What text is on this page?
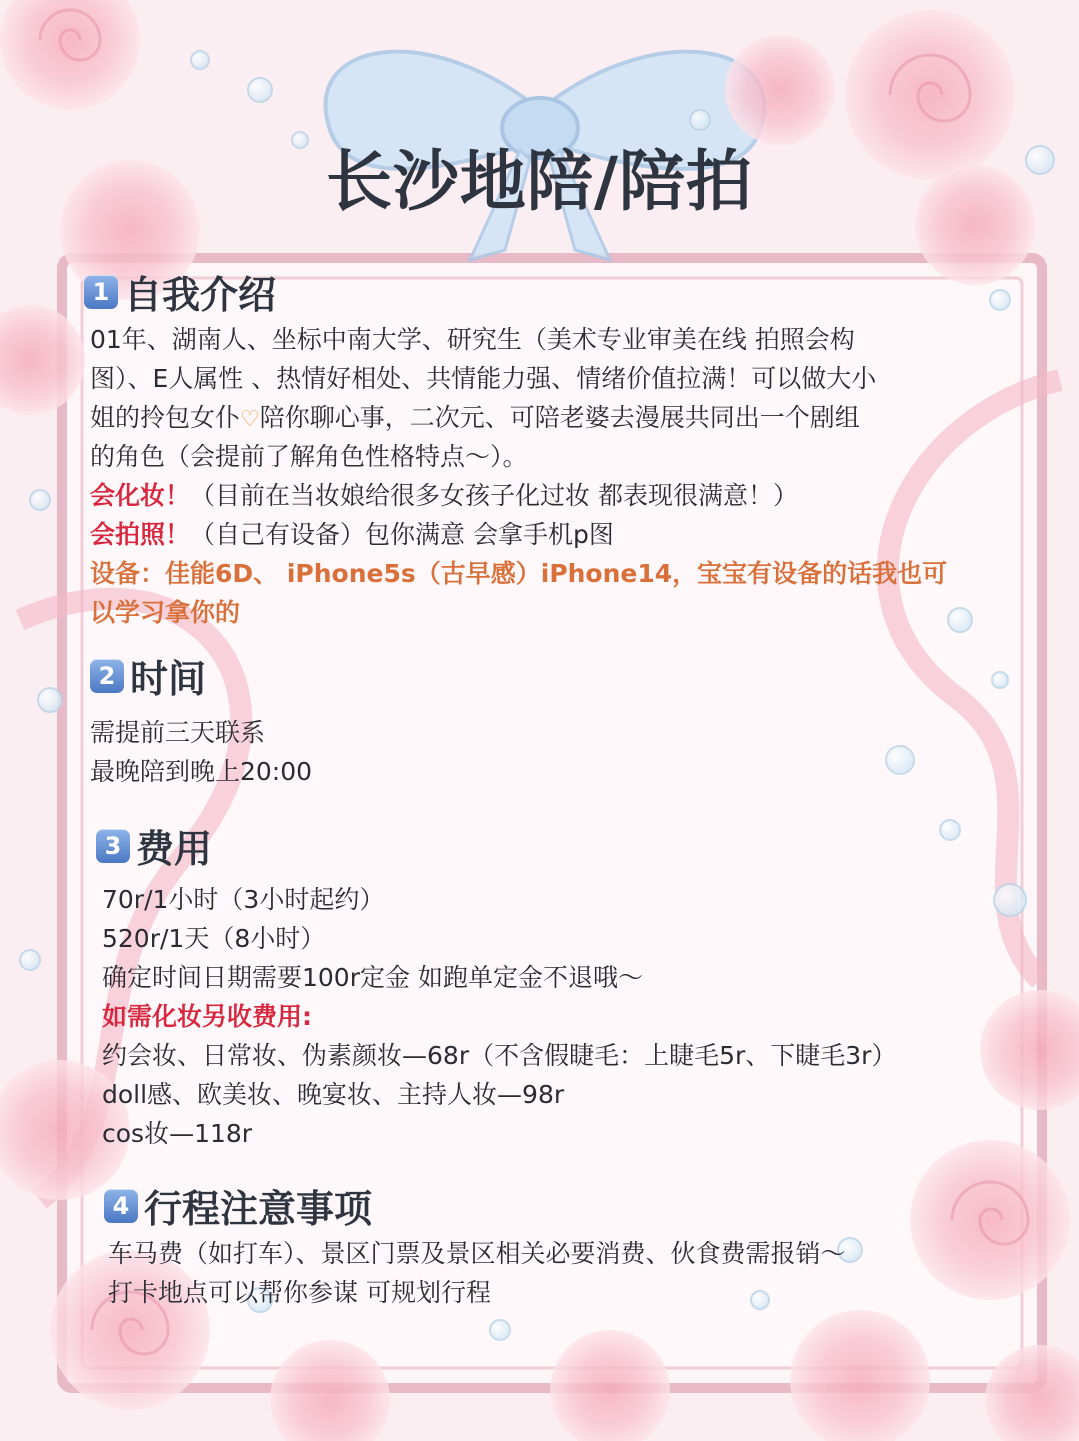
长沙地陪/陪拍
1 自我介绍
01年、湖南人、坐标中南大学、研究生（美术专业审美在线 拍照会构
图）、E人属性 、热情好相处、共情能力强、情绪价值拉满！可以做大小
姐的拎包女仆♡陪你聊心事，二次元、可陪老婆去漫展共同出一个剧组
的角色（会提前了解角色性格特点～）。
会化妆！（目前在当妆娘给很多女孩子化过妆 都表现很满意！）
会拍照！（自己有设备）包你满意 会拿手机p图
设备：佳能6D、 iPhone5s（古早感）iPhone14，宝宝有设备的话我也可
以学习拿你的
2 时间
需提前三天联系
最晚陪到晚上20:00
3 费用
70r/1小时（3小时起约）
520r/1天（8小时）
确定时间日期需要100r定金 如跑单定金不退哦～
如需化妆另收费用:
约会妆、日常妆、伪素颜妆—68r（不含假睫毛：上睫毛5r、下睫毛3r）
doll感、欧美妆、晚宴妆、主持人妆—98r
cos妆—118r
4 行程注意事项
车马费（如打车）、景区门票及景区相关必要消费、伙食费需报销～
打卡地点可以帮你参谋 可规划行程
